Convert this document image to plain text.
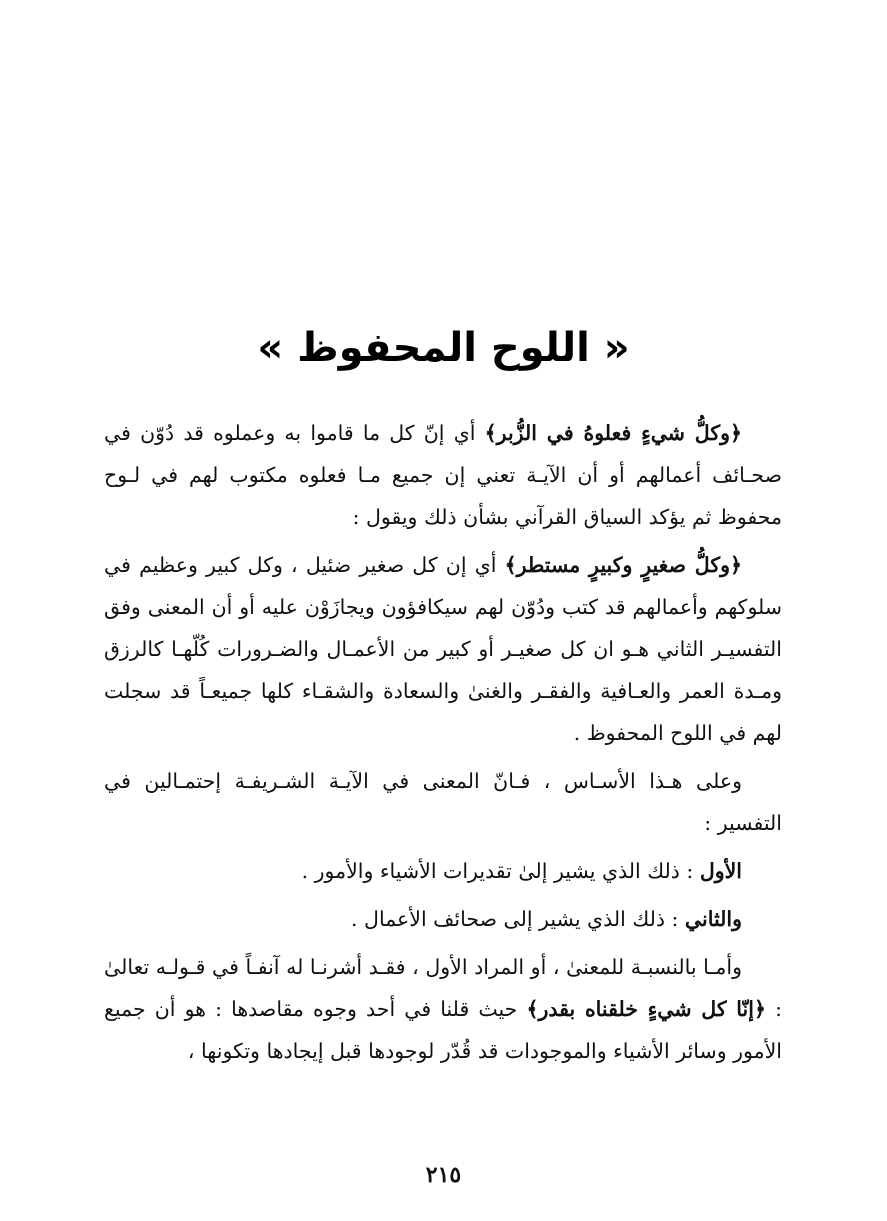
« اللوح المحفوظ »

﴿وكلُّ شيءٍ فعلوهُ في الزُّبر﴾ أي إنّ كل ما قاموا به وعملوه قد دُوّن في صحـائف أعمالهم أو أن الآيـة تعني إن جميع مـا فعلوه مكتوب لهم في لـوح محفوظ ثم يؤكد السياق القرآني بشأن ذلك ويقول :

﴿وكلُّ صغيرٍ وكبيرٍ مستطر﴾ أي إن كل صغير ضئيل ، وكل كبير وعظيم في سلوكهم وأعمالهم قد كتب ودُوّن لهم سيكافؤون ويجازَوْن عليه أو أن المعنى وفق التفسيـر الثاني هـو ان كل صغيـر أو كبير من الأعمـال والضـرورات كُلّهـا كالرزق ومـدة العمر والعـافية والفقـر والغنىٰ والسعادة والشقـاء كلها جميعـاً قد سجلت لهم في اللوح المحفوظ .

وعلى هـذا الأسـاس ، فـانّ المعنى في الآيـة الشـريفـة إحتمـالين في التفسير :

الأول : ذلك الذي يشير إلىٰ تقديرات الأشياء والأمور .

والثاني : ذلك الذي يشير إلى صحائف الأعمال .

وأمـا بالنسبـة للمعنىٰ ، أو المراد الأول ، فقـد أشرنـا له آنفـاً في قـولـه تعالىٰ : ﴿إنّا كل شيءٍ خلقناه بقدر﴾ حيث قلنا في أحد وجوه مقاصدها : هو أن جميع الأمور وسائر الأشياء والموجودات قد قُدّر لوجودها قبل إيجادها وتكونها ،

٢١٥
